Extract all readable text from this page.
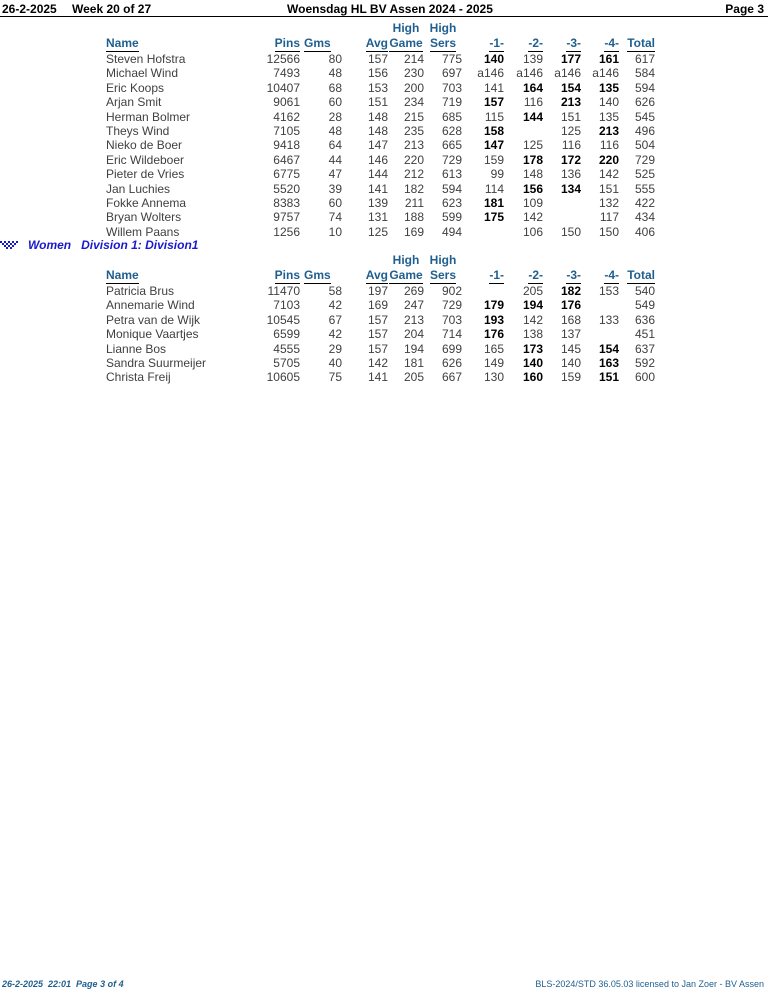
26-2-2025 Week 20 of 27	Woensdag HL BV Assen 2024 - 2025	Page 3
Name	Pins	Gms	Avg	High
Game	High
Sers	-1-	-2-	-3-	-4-	Total
Steven Hofstra	12566	80	157	214	775	140	139	177	161	617
Michael Wind	7493	48	156	230	697	a146	a146	a146	a146	584
Eric Koops	10407	68	153	200	703	141	164	154	135	594
Arjan Smit	9061	60	151	234	719	157	116	213	140	626
Herman Bolmer	4162	28	148	215	685	115	144	151	135	545
Theys Wind	7105	48	148	235	628	158		125	213	496
Nieko de Boer	9418	64	147	213	665	147	125	116	116	504
Eric Wildeboer	6467	44	146	220	729	159	178	172	220	729
Pieter de Vries	6775	47	144	212	613	99	148	136	142	525
Jan Luchies	5520	39	141	182	594	114	156	134	151	555
Fokke Annema	8383	60	139	211	623	181	109		132	422
Bryan Wolters	9757	74	131	188	599	175	142		117	434
Willem Paans	1256	10	125	169	494		106	150	150	406
Women   Division 1: Division1
Name	Pins	Gms	Avg	High
Game	High
Sers	-1-	-2-	-3-	-4-	Total
Patricia Brus	11470	58	197	269	902		205	182	153	540
Annemarie Wind	7103	42	169	247	729	179	194	176		549
Petra van de Wijk	10545	67	157	213	703	193	142	168	133	636
Monique Vaartjes	6599	42	157	204	714	176	138	137		451
Lianne Bos	4555	29	157	194	699	165	173	145	154	637
Sandra Suurmeijer	5705	40	142	181	626	149	140	140	163	592
Christa Freij	10605	75	141	205	667	130	160	159	151	600
26-2-2025  22:01  Page 3 of 4	BLS-2024/STD 36.05.03 licensed to Jan Zoer - BV Assen
